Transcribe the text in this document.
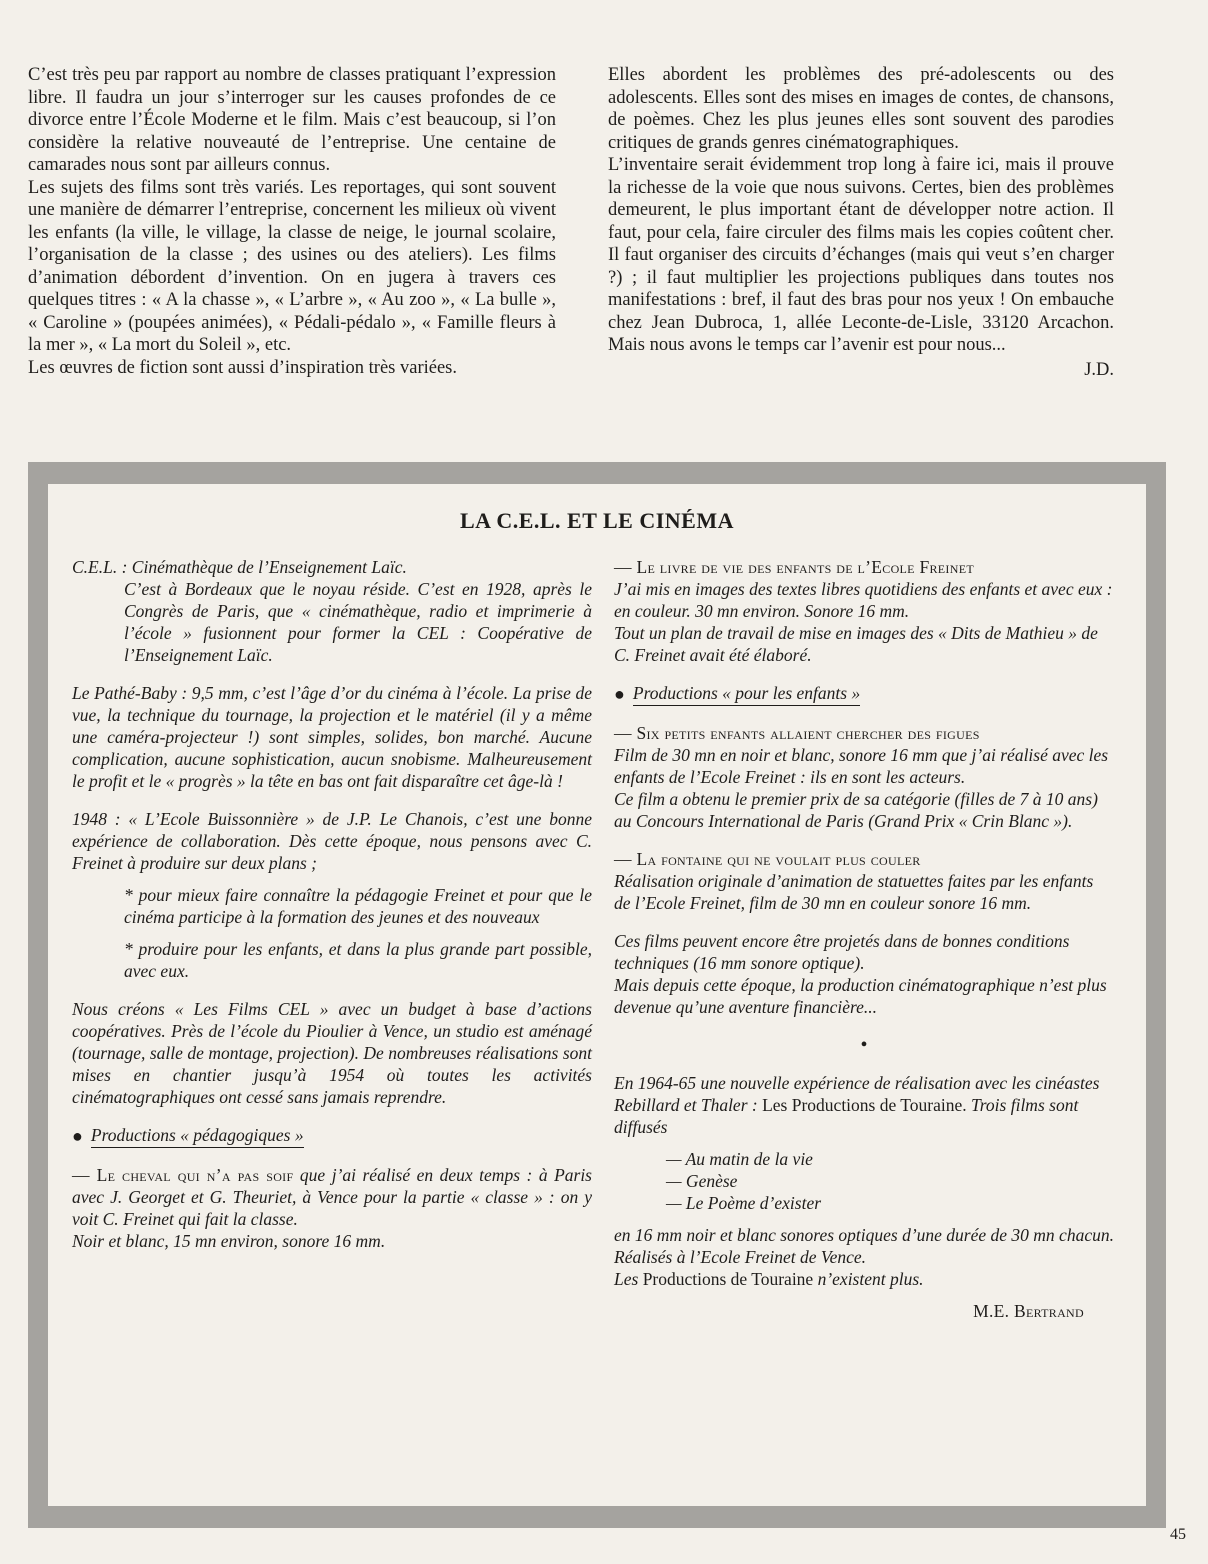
C’est très peu par rapport au nombre de classes pratiquant l’expression libre. Il faudra un jour s’interroger sur les causes profondes de ce divorce entre l’École Moderne et le film. Mais c’est beaucoup, si l’on considère la relative nouveauté de l’entreprise. Une centaine de camarades nous sont par ailleurs connus.

Les sujets des films sont très variés. Les reportages, qui sont souvent une manière de démarrer l’entreprise, concernent les milieux où vivent les enfants (la ville, le village, la classe de neige, le journal scolaire, l’organisation de la classe ; des usines ou des ateliers). Les films d’animation débordent d’invention. On en jugera à travers ces quelques titres : « A la chasse », « L’arbre », « Au zoo », « La bulle », « Caroline » (poupées animées), « Pédali-pédalo », « Famille fleurs à la mer », « La mort du Soleil », etc.

Les œuvres de fiction sont aussi d’inspiration très variées.

Elles abordent les problèmes des pré-adolescents ou des adolescents. Elles sont des mises en images de contes, de chansons, de poèmes. Chez les plus jeunes elles sont souvent des parodies critiques de grands genres cinématographiques.

L’inventaire serait évidemment trop long à faire ici, mais il prouve la richesse de la voie que nous suivons. Certes, bien des problèmes demeurent, le plus important étant de développer notre action. Il faut, pour cela, faire circuler des films mais les copies coûtent cher. Il faut organiser des circuits d’échanges (mais qui veut s’en charger ?) ; il faut multiplier les projections publiques dans toutes nos manifestations : bref, il faut des bras pour nos yeux ! On embauche chez Jean Dubroca, 1, allée Leconte-de-Lisle, 33120 Arcachon. Mais nous avons le temps car l’avenir est pour nous...

J.D.

LA C.E.L. ET LE CINÉMA

C.E.L. : Cinémathèque de l’Enseignement Laïc.

C’est à Bordeaux que le noyau réside. C’est en 1928, après le Congrès de Paris, que « cinémathèque, radio et imprimerie à l’école » fusionnent pour former la CEL : Coopérative de l’Enseignement Laïc.

Le Pathé-Baby : 9,5 mm, c’est l’âge d’or du cinéma à l’école. La prise de vue, la technique du tournage, la projection et le matériel (il y a même une caméra-projecteur !) sont simples, solides, bon marché. Aucune complication, aucune sophistication, aucun snobisme. Malheureusement le profit et le « progrès » la tête en bas ont fait disparaître cet âge-là !

1948 : « L’Ecole Buissonnière » de J.P. Le Chanois, c’est une bonne expérience de collaboration. Dès cette époque, nous pensons avec C. Freinet à produire sur deux plans ;

* pour mieux faire connaître la pédagogie Freinet et pour que le cinéma participe à la formation des jeunes et des nouveaux

* produire pour les enfants, et dans la plus grande part possible, avec eux.

Nous créons « Les Films CEL » avec un budget à base d’actions coopératives. Près de l’école du Pioulier à Vence, un studio est aménagé (tournage, salle de montage, projection). De nombreuses réalisations sont mises en chantier jusqu’à 1954 où toutes les activités cinématographiques ont cessé sans jamais reprendre.

● Productions « pédagogiques »

— Le cheval qui n’a pas soif que j’ai réalisé en deux temps : à Paris avec J. Georget et G. Theuriet, à Vence pour la partie « classe » : on y voit C. Freinet qui fait la classe.

Noir et blanc, 15 mn environ, sonore 16 mm.

— Le livre de vie des enfants de l’Ecole Freinet

J’ai mis en images des textes libres quotidiens des enfants et avec eux : en couleur. 30 mn environ. Sonore 16 mm.

Tout un plan de travail de mise en images des « Dits de Mathieu » de C. Freinet avait été élaboré.

● Productions « pour les enfants »

— Six petits enfants allaient chercher des figues

Film de 30 mn en noir et blanc, sonore 16 mm que j’ai réalisé avec les enfants de l’Ecole Freinet : ils en sont les acteurs.

Ce film a obtenu le premier prix de sa catégorie (filles de 7 à 10 ans) au Concours International de Paris (Grand Prix « Crin Blanc »).

— La fontaine qui ne voulait plus couler

Réalisation originale d’animation de statuettes faites par les enfants de l’Ecole Freinet, film de 30 mn en couleur sonore 16 mm.

Ces films peuvent encore être projetés dans de bonnes conditions techniques (16 mm sonore optique).

Mais depuis cette époque, la production cinématographique n’est plus devenue qu’une aventure financière...

•

En 1964-65 une nouvelle expérience de réalisation avec les cinéastes Rebillard et Thaler : Les Productions de Touraine. Trois films sont diffusés

— Au matin de la vie

— Genèse

— Le Poème d’exister

en 16 mm noir et blanc sonores optiques d’une durée de 30 mn chacun. Réalisés à l’Ecole Freinet de Vence.

Les Productions de Touraine n’existent plus.

M.E. Bertrand

45
